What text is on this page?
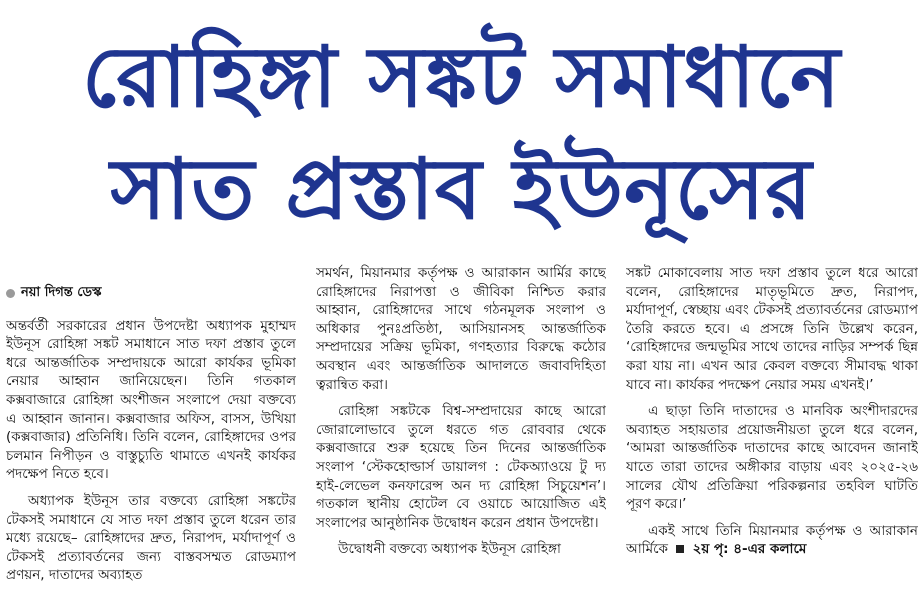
রোহিঙ্গা সঙ্কট সমাধানে
সাত প্রস্তাব ইউনূসের
নয়া দিগন্ত ডেস্ক

অন্তর্বর্তী সরকারের প্রধান উপদেষ্টা অধ্যাপক মুহাম্মদ ইউনূস রোহিঙ্গা সঙ্কট সমাধানে সাত দফা প্রস্তাব তুলে ধরে আন্তর্জাতিক সম্প্রদায়কে আরো কার্যকর ভূমিকা নেয়ার আহ্বান জানিয়েছেন। তিনি গতকাল কক্সবাজারে রোহিঙ্গা অংশীজন সংলাপে দেয়া বক্তব্যে এ আহ্বান জানান। কক্সবাজার অফিস, বাসস, উখিয়া (কক্সবাজার) প্রতিনিধি। তিনি বলেন, রোহিঙ্গাদের ওপর চলমান নিপীড়ন ও বাস্তুচ্যুতি থামাতে এখনই কার্যকর পদক্ষেপ নিতে হবে।

অধ্যাপক ইউনূস তার বক্তব্যে রোহিঙ্গা সঙ্কটের টেকসই সমাধানে যে সাত দফা প্রস্তাব তুলে ধরেন তার মধ্যে রয়েছে– রোহিঙ্গাদের দ্রুত, নিরাপদ, মর্যাদাপূর্ণ ও টেকসই প্রত্যাবর্তনের জন্য বাস্তবসম্মত রোডম্যাপ প্রণয়ন, দাতাদের অব্যাহত

সমর্থন, মিয়ানমার কর্তৃপক্ষ ও আরাকান আর্মির কাছে রোহিঙ্গাদের নিরাপত্তা ও জীবিকা নিশ্চিত করার আহ্বান, রোহিঙ্গাদের সাথে গঠনমূলক সংলাপ ও অধিকার পুনঃপ্রতিষ্ঠা, আসিয়ানসহ আন্তর্জাতিক সম্প্রদায়ের সক্রিয় ভূমিকা, গণহত্যার বিরুদ্ধে কঠোর অবস্থান এবং আন্তর্জাতিক আদালতে জবাবদিহিতা ত্বরান্বিত করা।

রোহিঙ্গা সঙ্কটকে বিশ্ব-সম্প্রদায়ের কাছে আরো জোরালোভাবে তুলে ধরতে গত রোববার থেকে কক্সবাজারে শুরু হয়েছে তিন দিনের আন্তর্জাতিক সংলাপ ‘স্টেকহোল্ডার্স ডায়ালগ : টেকঅ্যাওয়ে টু দ্য হাই-লেভেল কনফারেন্স অন দ্য রোহিঙ্গা সিচুয়েশন’। গতকাল স্থানীয় হোটেল বে ওয়াচে আয়োজিত এই সংলাপের আনুষ্ঠানিক উদ্বোধন করেন প্রধান উপদেষ্টা।

উদ্বোধনী বক্তব্যে অধ্যাপক ইউনূস রোহিঙ্গা

সঙ্কট মোকাবেলায় সাত দফা প্রস্তাব তুলে ধরে আরো বলেন, রোহিঙ্গাদের মাতৃভূমিতে দ্রুত, নিরাপদ, মর্যাদাপূর্ণ, স্বেচ্ছায় এবং টেকসই প্রত্যাবর্তনের রোডম্যাপ তৈরি করতে হবে। এ প্রসঙ্গে তিনি উল্লেখ করেন, ‘রোহিঙ্গাদের জন্মভূমির সাথে তাদের নাড়ির সম্পর্ক ছিন্ন করা যায় না। এখন আর কেবল বক্তব্যে সীমাবদ্ধ থাকা যাবে না। কার্যকর পদক্ষেপ নেয়ার সময় এখনই।’

এ ছাড়া তিনি দাতাদের ও মানবিক অংশীদারদের অব্যাহত সহায়তার প্রয়োজনীয়তা তুলে ধরে বলেন, ‘আমরা আন্তর্জাতিক দাতাদের কাছে আবেদন জানাই যাতে তারা তাদের অঙ্গীকার বাড়ায় এবং ২০২৫-২৬ সালের যৌথ প্রতিক্রিয়া পরিকল্পনার তহবিল ঘাটতি পূরণ করে।’

একই সাথে তিনি মিয়ানমার কর্তৃপক্ষ ও আরাকান আর্মিকে ২য় পৃ: ৪-এর কলামে
